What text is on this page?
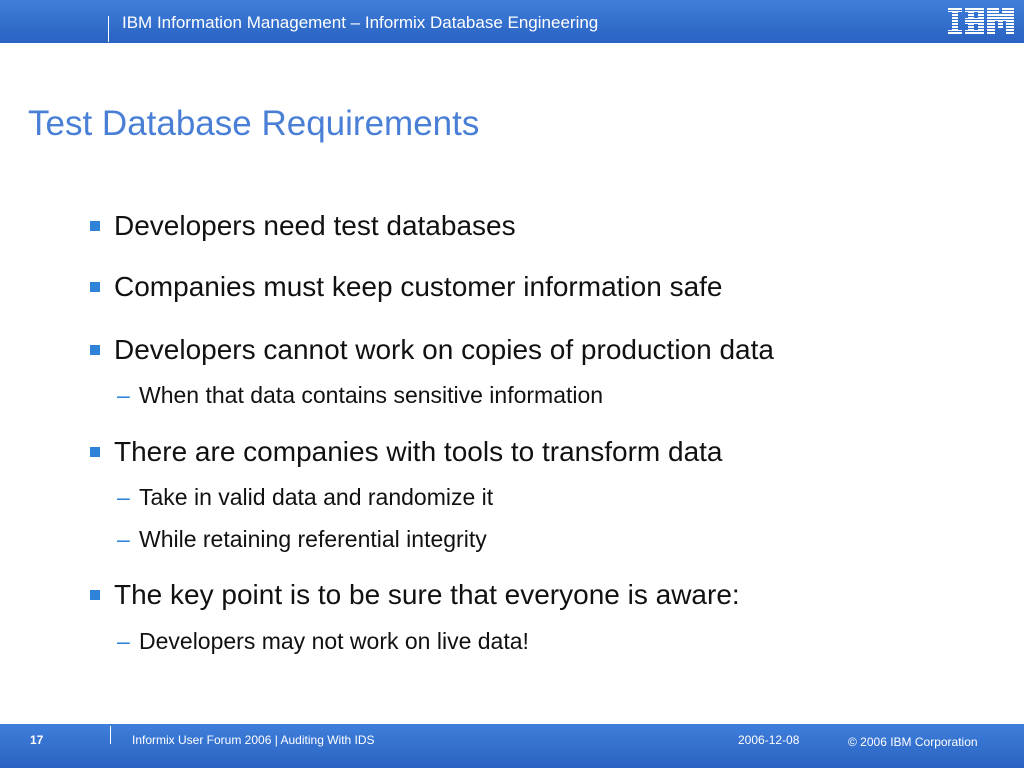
IBM Information Management – Informix Database Engineering
Test Database Requirements
Developers need test databases
Companies must keep customer information safe
Developers cannot work on copies of production data
– When that data contains sensitive information
There are companies with tools to transform data
– Take in valid data and randomize it
– While retaining referential integrity
The key point is to be sure that everyone is aware:
– Developers may not work on live data!
17	Informix User Forum 2006 | Auditing With IDS	2006-12-08	© 2006 IBM Corporation
